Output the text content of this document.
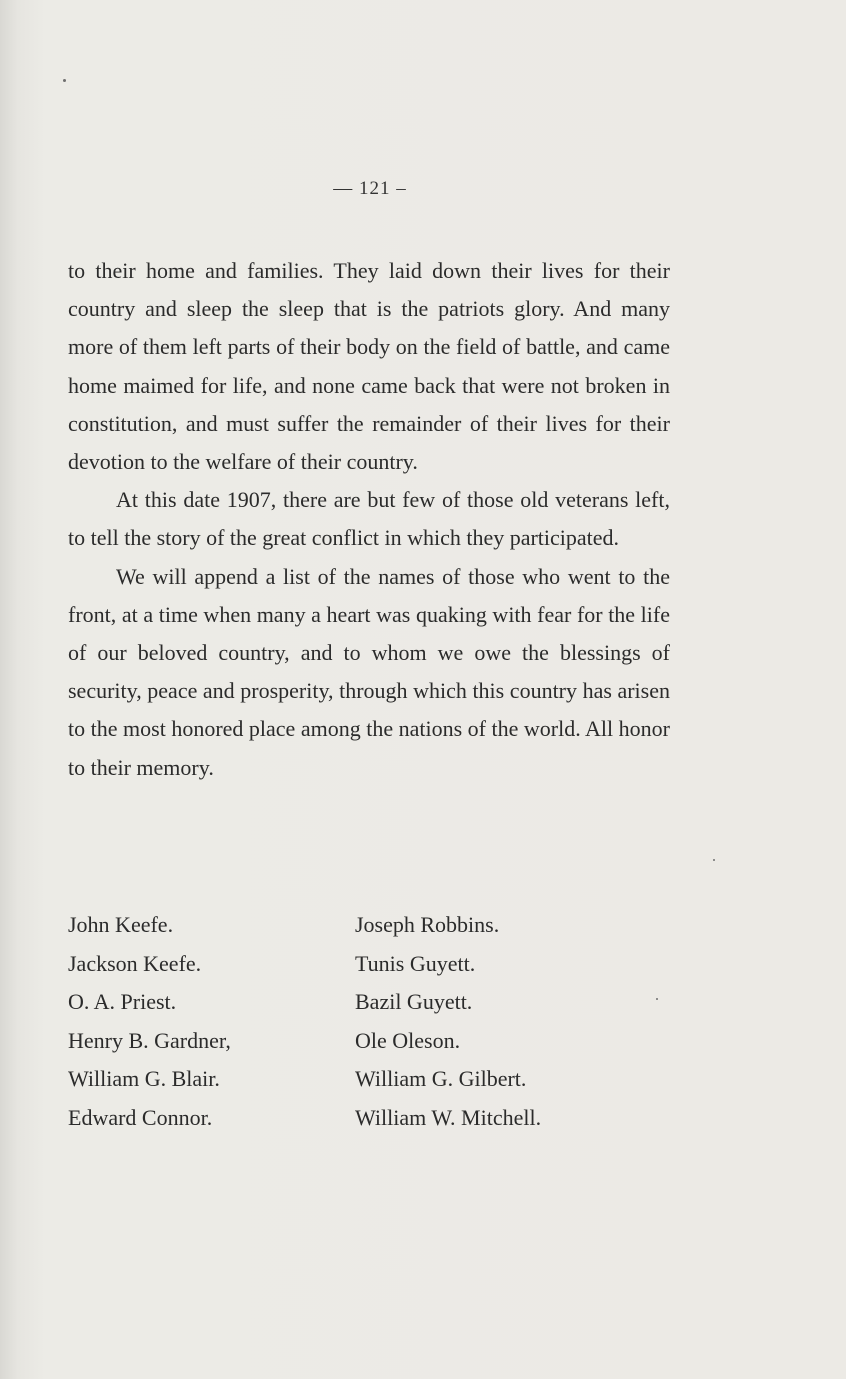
— 121 –

to their home and families. They laid down their lives for their country and sleep the sleep that is the patriots glory. And many more of them left parts of their body on the field of battle, and came home maimed for life, and none came back that were not broken in constitution, and must suffer the remainder of their lives for their devotion to the welfare of their country.

At this date 1907, there are but few of those old veterans left, to tell the story of the great conflict in which they participated.

We will append a list of the names of those who went to the front, at a time when many a heart was quaking with fear for the life of our beloved country, and to whom we owe the blessings of security, peace and prosperity, through which this country has arisen to the most honored place among the nations of the world. All honor to their memory.

John Keefe.	Joseph Robbins.
Jackson Keefe.	Tunis Guyett.
O. A. Priest.	Bazil Guyett.
Henry B. Gardner,	Ole Oleson.
William G. Blair.	William G. Gilbert.
Edward Connor.	William W. Mitchell.
